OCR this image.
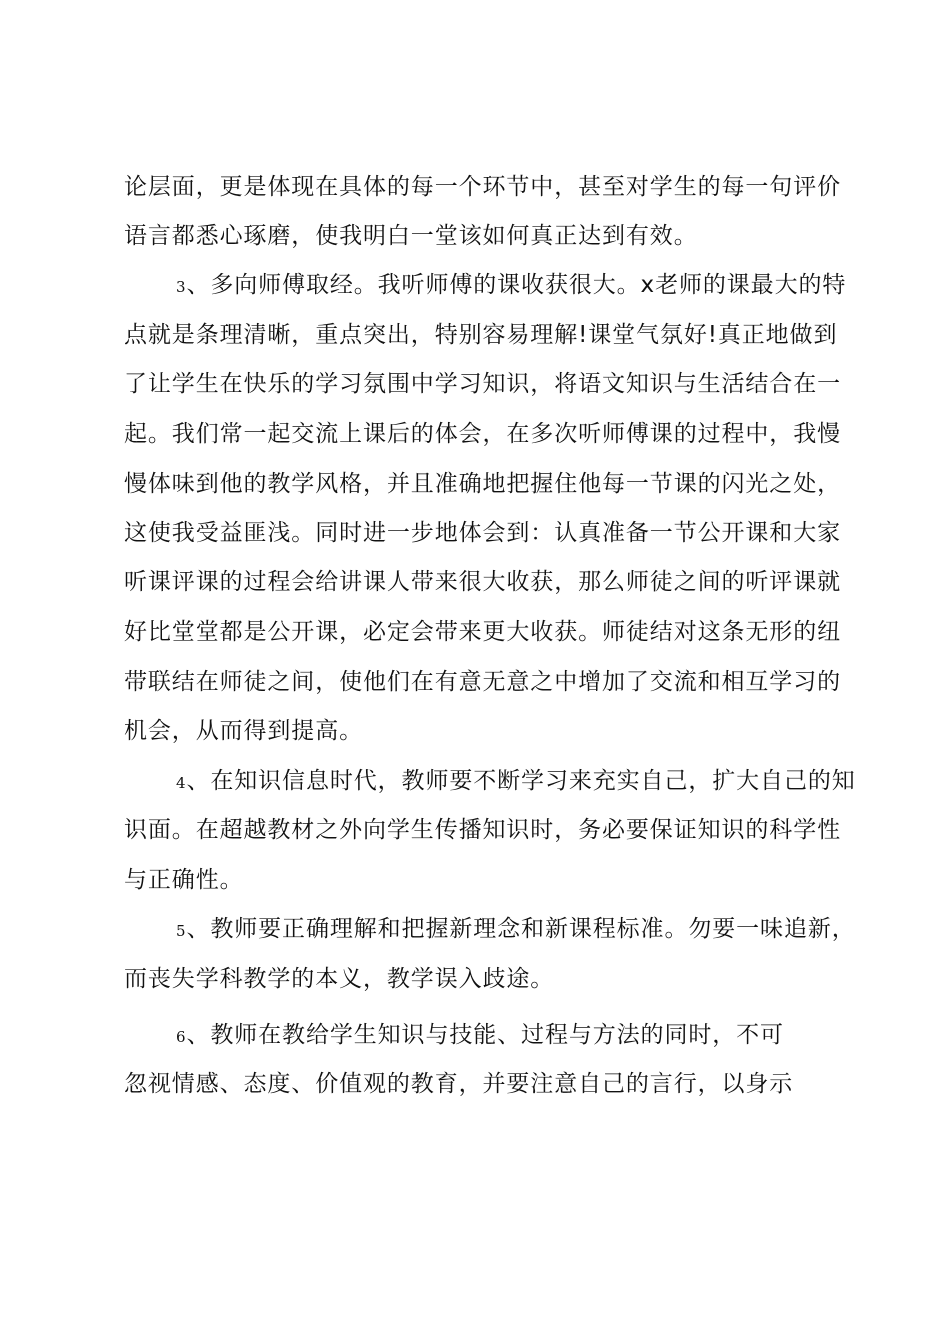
论层面，更是体现在具体的每一个环节中，甚至对学生的每一句评价
语言都悉心琢磨，使我明白一堂该如何真正达到有效。
3、多向师傅取经。我听师傅的课收获很大。x老师的课最大的特
点就是条理清晰，重点突出，特别容易理解!课堂气氛好!真正地做到
了让学生在快乐的学习氛围中学习知识，将语文知识与生活结合在一
起。我们常一起交流上课后的体会，在多次听师傅课的过程中，我慢
慢体味到他的教学风格，并且准确地把握住他每一节课的闪光之处，
这使我受益匪浅。同时进一步地体会到：认真准备一节公开课和大家
听课评课的过程会给讲课人带来很大收获，那么师徒之间的听评课就
好比堂堂都是公开课，必定会带来更大收获。师徒结对这条无形的纽
带联结在师徒之间，使他们在有意无意之中增加了交流和相互学习的
机会，从而得到提高。
4、在知识信息时代，教师要不断学习来充实自己，扩大自己的知
识面。在超越教材之外向学生传播知识时，务必要保证知识的科学性
与正确性。
5、教师要正确理解和把握新理念和新课程标准。勿要一味追新，
而丧失学科教学的本义，教学误入歧途。
6、教师在教给学生知识与技能、过程与方法的同时，不可
忽视情感、态度、价值观的教育，并要注意自己的言行，以身示
